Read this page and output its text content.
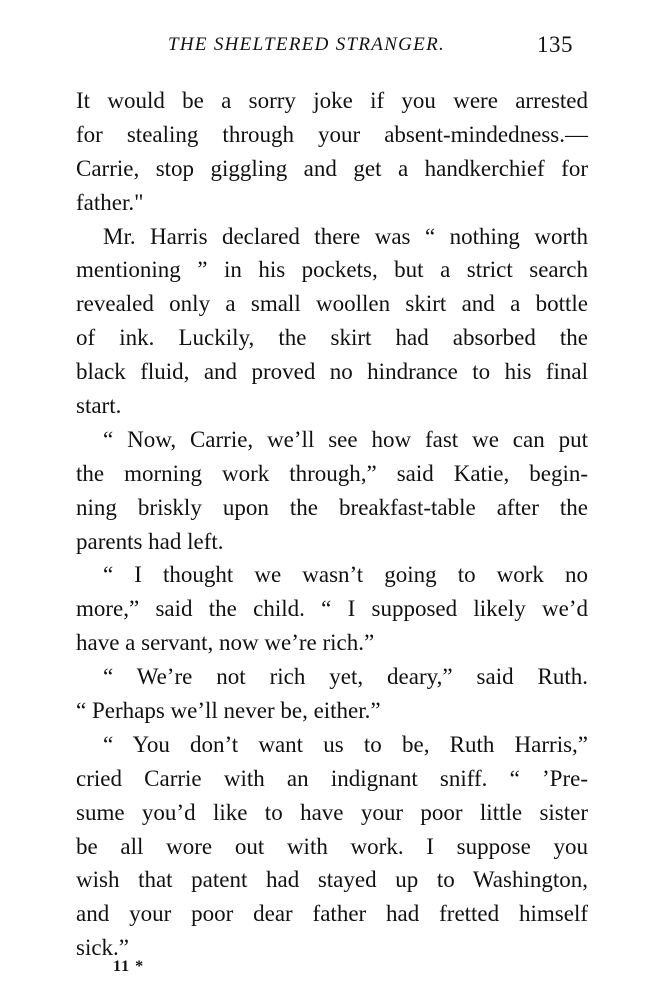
THE SHELTERED STRANGER.	135
It would be a sorry joke if you were arrested
for stealing through your absent-mindedness.—
Carrie, stop giggling and get a handkerchief for
father."
Mr. Harris declared there was “ nothing worth
mentioning ” in his pockets, but a strict search
revealed only a small woollen skirt and a bottle
of ink. Luckily, the skirt had absorbed the
black fluid, and proved no hindrance to his final
start.
“ Now, Carrie, we’ll see how fast we can put
the morning work through,” said Katie, begin-
ning briskly upon the breakfast-table after the
parents had left.
“ I thought we wasn’t going to work no
more,” said the child. “ I supposed likely we’d
have a servant, now we’re rich.”
“ We’re not rich yet, deary,” said Ruth.
“ Perhaps we’ll never be, either.”
“ You don’t want us to be, Ruth Harris,”
cried Carrie with an indignant sniff. “ ’Pre-
sume you’d like to have your poor little sister
be all wore out with work. I suppose you
wish that patent had stayed up to Washington,
and your poor dear father had fretted himself
sick.”
11 *
